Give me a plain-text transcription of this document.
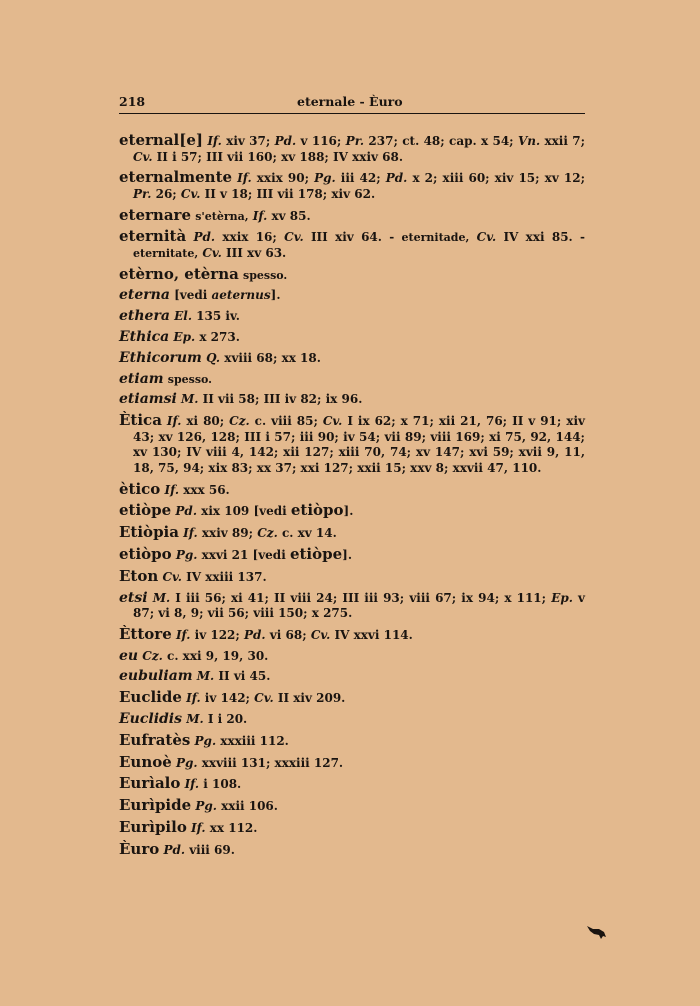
218	eternale - Èuro

eternal[e] If. xiv 37; Pd. v 116; Pr. 237; ct. 48; cap. x 54; Vn. xxii 7; Cv. II i 57; III vii 160; xv 188; IV xxiv 68.

eternalmente If. xxix 90; Pg. iii 42; Pd. x 2; xiii 60; xiv 15; xv 12; Pr. 26; Cv. II v 18; III vii 178; xiv 62.

eternare s'etèrna, If. xv 85.

eternità Pd. xxix 16; Cv. III xiv 64. - eternitade, Cv. IV xxi 85. - eternitate, Cv. III xv 63.

etèrno, etèrna spesso.

eterna [vedi aeternus].

ethera El. 135 iv.

Ethica Ep. x 273.

Ethicorum Q. xviii 68; xx 18.

etiam spesso.

etiamsi M. II vii 58; III iv 82; ix 96.

Ètica If. xi 80; Cz. c. viii 85; Cv. I ix 62; x 71; xii 21, 76; II v 91; xiv 43; xv 126, 128; III i 57; iii 90; iv 54; vii 89; viii 169; xi 75, 92, 144; xv 130; IV viii 4, 142; xii 127; xiii 70, 74; xv 147; xvi 59; xvii 9, 11, 18, 75, 94; xix 83; xx 37; xxi 127; xxii 15; xxv 8; xxvii 47, 110.

ètico If. xxx 56.

etiòpe Pd. xix 109 [vedi etiòpo].

Etiòpia If. xxiv 89; Cz. c. xv 14.

etiòpo Pg. xxvi 21 [vedi etiòpe].

Eton Cv. IV xxiii 137.

etsi M. I iii 56; xi 41; II viii 24; III iii 93; viii 67; ix 94; x 111; Ep. v 87; vi 8, 9; vii 56; viii 150; x 275.

Èttore If. iv 122; Pd. vi 68; Cv. IV xxvi 114.

eu Cz. c. xxi 9, 19, 30.

eubuliam M. II vi 45.

Euclide If. iv 142; Cv. II xiv 209.

Euclidis M. I i 20.

Eufratès Pg. xxxiii 112.

Eunoè Pg. xxviii 131; xxxiii 127.

Eurìalo If. i 108.

Eurìpide Pg. xxii 106.

Eurìpilo If. xx 112.

Èuro Pd. viii 69.
